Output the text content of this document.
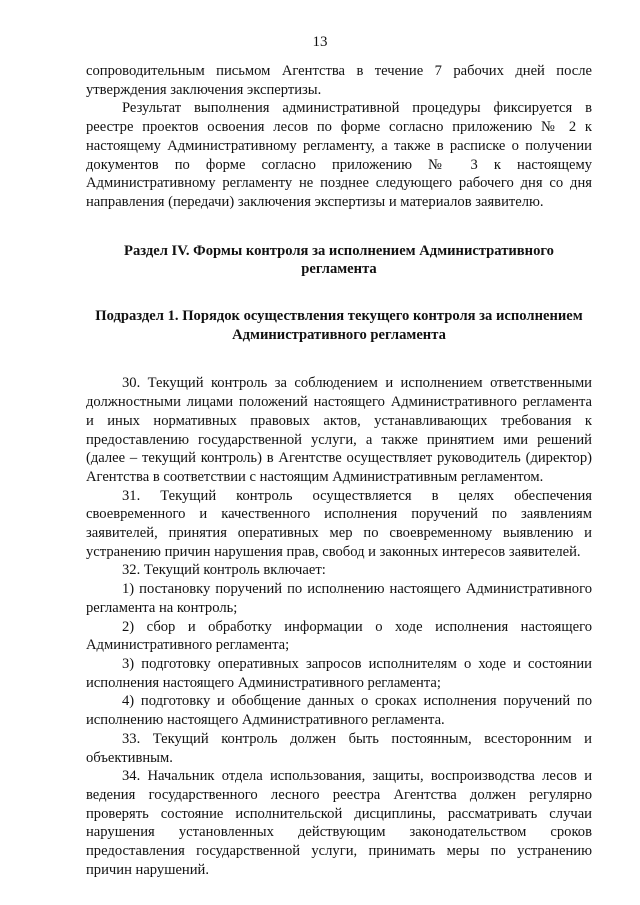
13

сопроводительным письмом Агентства в течение 7 рабочих дней после утверждения заключения экспертизы.

Результат выполнения административной процедуры фиксируется в реестре проектов освоения лесов по форме согласно приложению № 2 к настоящему Административному регламенту, а также в расписке о получении документов по форме согласно приложению № 3 к настоящему Административному регламенту не позднее следующего рабочего дня со дня направления (передачи) заключения экспертизы и материалов заявителю.

Раздел IV. Формы контроля за исполнением Административного регламента

Подраздел 1. Порядок осуществления текущего контроля за исполнением Административного регламента

30. Текущий контроль за соблюдением и исполнением ответственными должностными лицами положений настоящего Административного регламента и иных нормативных правовых актов, устанавливающих требования к предоставлению государственной услуги, а также принятием ими решений (далее – текущий контроль) в Агентстве осуществляет руководитель (директор) Агентства в соответствии с настоящим Административным регламентом.

31. Текущий контроль осуществляется в целях обеспечения своевременного и качественного исполнения поручений по заявлениям заявителей, принятия оперативных мер по своевременному выявлению и устранению причин нарушения прав, свобод и законных интересов заявителей.

32. Текущий контроль включает:

1) постановку поручений по исполнению настоящего Административного регламента на контроль;

2) сбор и обработку информации о ходе исполнения настоящего Административного регламента;

3) подготовку оперативных запросов исполнителям о ходе и состоянии исполнения настоящего Административного регламента;

4) подготовку и обобщение данных о сроках исполнения поручений по исполнению настоящего Административного регламента.

33. Текущий контроль должен быть постоянным, всесторонним и объективным.

34. Начальник отдела использования, защиты, воспроизводства лесов и ведения государственного лесного реестра Агентства должен регулярно проверять состояние исполнительской дисциплины, рассматривать случаи нарушения установленных действующим законодательством сроков предоставления государственной услуги, принимать меры по устранению причин нарушений.
